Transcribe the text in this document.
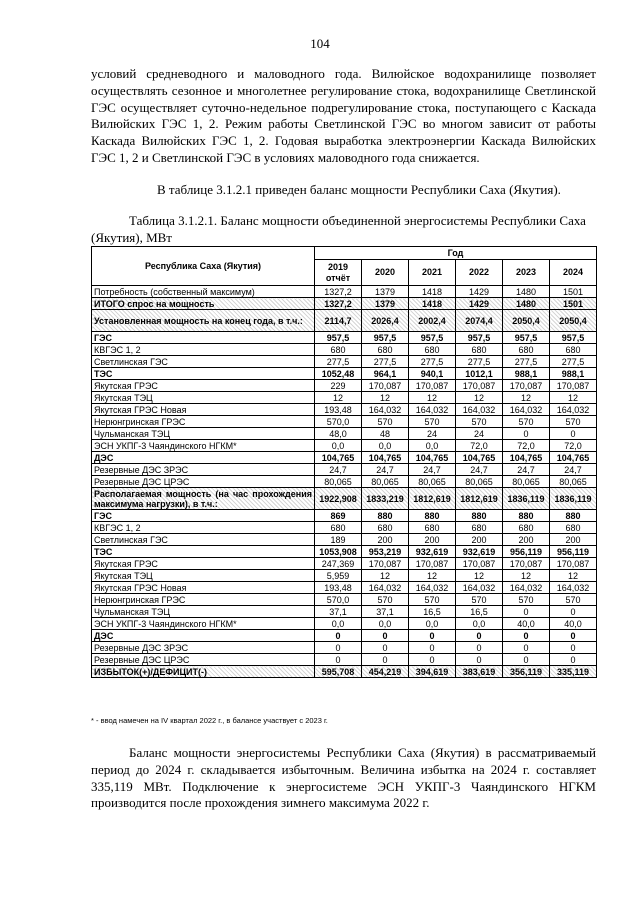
104

условий средневодного и маловодного года. Вилюйское водохранилище позволяет осуществлять сезонное и многолетнее регулирование стока, водохранилище Светлинской ГЭС осуществляет суточно-недельное подрегулирование стока, поступающего с Каскада Вилюйских ГЭС 1, 2. Режим работы Светлинской ГЭС во многом зависит от работы Каскада Вилюйских ГЭС 1, 2. Годовая выработка электроэнергии Каскада Вилюйских ГЭС 1, 2 и Светлинской ГЭС в условиях маловодного года снижается.

В таблице 3.1.2.1 приведен баланс мощности Республики Саха (Якутия).

Таблица 3.1.2.1. Баланс мощности объединенной энергосистемы Республики Саха (Якутия), МВт

Республика Саха (Якутия)	Год					
	2019 отчёт	2020	2021	2022	2023	2024
Потребность (собственный максимум)	1327,2	1379	1418	1429	1480	1501
ИТОГО спрос на мощность	1327,2	1379	1418	1429	1480	1501
Установленная мощность на конец года, в т.ч.:	2114,7	2026,4	2002,4	2074,4	2050,4	2050,4
ГЭС	957,5	957,5	957,5	957,5	957,5	957,5
КВГЭС 1, 2	680	680	680	680	680	680
Светлинская ГЭС	277,5	277,5	277,5	277,5	277,5	277,5
ТЭС	1052,48	964,1	940,1	1012,1	988,1	988,1
Якутская ГРЭС	229	170,087	170,087	170,087	170,087	170,087
Якутская ТЭЦ	12	12	12	12	12	12
Якутская ГРЭС Новая	193,48	164,032	164,032	164,032	164,032	164,032
Нерюнгринская ГРЭС	570,0	570	570	570	570	570
Чульманская ТЭЦ	48,0	48	24	24	0	0
ЭСН УКПГ-3 Чаяндинского НГКМ*	0,0	0,0	0,0	72,0	72,0	72,0
ДЭС	104,765	104,765	104,765	104,765	104,765	104,765
Резервные ДЭС ЗРЭС	24,7	24,7	24,7	24,7	24,7	24,7
Резервные ДЭС ЦРЭС	80,065	80,065	80,065	80,065	80,065	80,065
Располагаемая мощность (на час прохождения максимума нагрузки), в т.ч.:	1922,908	1833,219	1812,619	1812,619	1836,119	1836,119
ГЭС	869	880	880	880	880	880
КВГЭС 1, 2	680	680	680	680	680	680
Светлинская ГЭС	189	200	200	200	200	200
ТЭС	1053,908	953,219	932,619	932,619	956,119	956,119
Якутская ГРЭС	247,369	170,087	170,087	170,087	170,087	170,087
Якутская ТЭЦ	5,959	12	12	12	12	12
Якутская ГРЭС Новая	193,48	164,032	164,032	164,032	164,032	164,032
Нерюнгринская ГРЭС	570,0	570	570	570	570	570
Чульманская ТЭЦ	37,1	37,1	16,5	16,5	0	0
ЭСН УКПГ-3 Чаяндинского НГКМ*	0,0	0,0	0,0	0,0	40,0	40,0
ДЭС	0	0	0	0	0	0
Резервные ДЭС ЗРЭС	0	0	0	0	0	0
Резервные ДЭС ЦРЭС	0	0	0	0	0	0
ИЗБЫТОК(+)/ДЕФИЦИТ(-)	595,708	454,219	394,619	383,619	356,119	335,119
* - ввод намечен на IV квартал 2022 г., в балансе участвует с 2023 г.

Баланс мощности энергосистемы Республики Саха (Якутия) в рассматриваемый период до 2024 г. складывается избыточным. Величина избытка на 2024 г. составляет 335,119 МВт. Подключение к энергосистеме ЭСН УКПГ-3 Чаяндинского НГКМ производится после прохождения зимнего максимума 2022 г.
